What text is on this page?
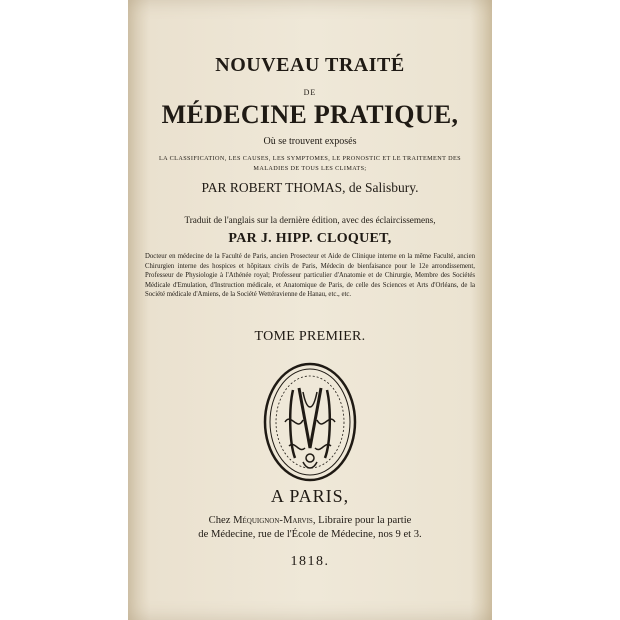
NOUVEAU TRAITÉ
DE
MÉDECINE PRATIQUE,
Où se trouvent exposés
LA CLASSIFICATION, LES CAUSES, LES SYMPTOMES, LE PRONOSTIC ET LE TRAITEMENT DES MALADIES DE TOUS LES CLIMATS;
PAR ROBERT THOMAS, de Salisbury.
Traduit de l'anglais sur la dernière édition, avec des éclaircissemens,
PAR J. HIPP. CLOQUET,
Docteur en médecine de la Faculté de Paris, ancien Prosecteur et Aide de Clinique interne en la même Faculté, ancien Chirurgien interne des hospices et hôpitaux civils de Paris, Médecin de bienfaisance pour le 12e arrondissement, Professeur de Physiologie à l'Athénée royal; Professeur particulier d'Anatomie et de Chirurgie, Membre des Sociétés Médicale d'Emulation, d'Instruction médicale, et Anatomique de Paris, de celle des Sciences et Arts d'Orléans, de la Société médicale d'Amiens, de la Société Wettéravienne de Hanau, etc., etc.
TOME PREMIER.
A PARIS,
Chez Méquignon-Marvis, Libraire pour la partie
de Médecine, rue de l'École de Médecine, nos 9 et 3.
1818.
